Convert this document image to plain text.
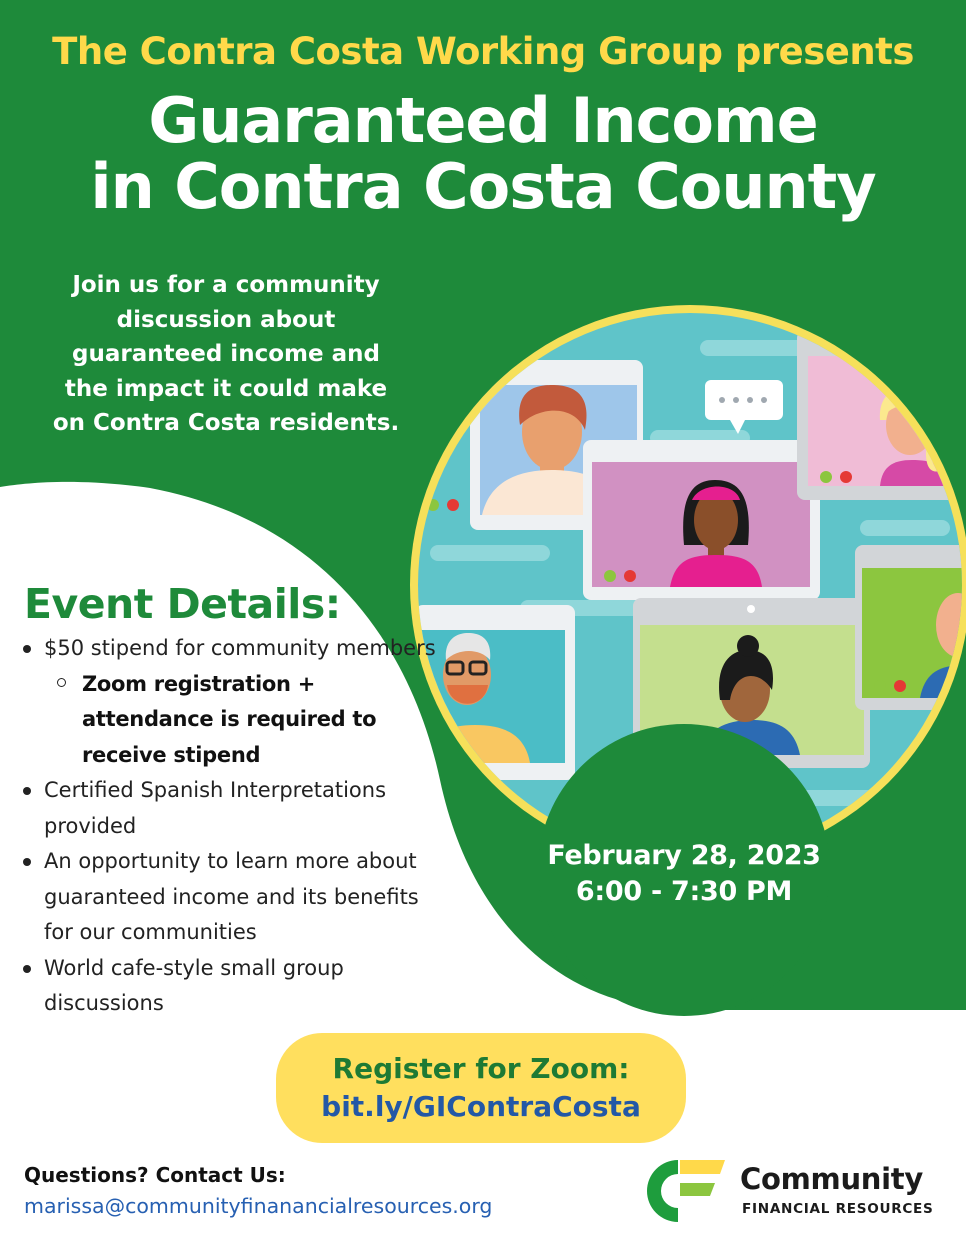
The Contra Costa Working Group presents
Guaranteed Income
in Contra Costa County
Join us for a community
discussion about
guaranteed income and
the impact it could make
on Contra Costa residents.
Event Details:
$50 stipend for community members
Zoom registration + attendance is required to receive stipend
Certified Spanish Interpretations provided
An opportunity to learn more about guaranteed income and its benefits for our communities
World cafe-style small group discussions
February 28, 2023
6:00 - 7:30 PM
Register for Zoom:
bit.ly/GIContraCosta
Questions? Contact Us:
marissa@communityfinanancialresources.org
Community
FINANCIAL RESOURCES
